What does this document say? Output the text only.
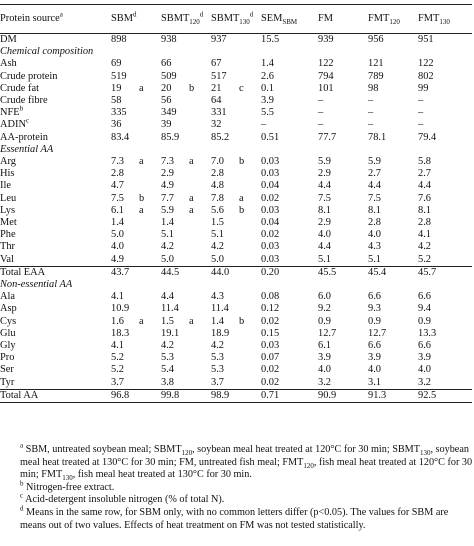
Protein source$^a$	SBM$^d$	$SBMT_{120}^d$	$SBMT_{130}^d$	$SEM_{SBM}$	FM	$FMT_{120}$	$FMT_{130}$
DM	898	938	937	15.5	939	956	951
Chemical composition							
Ash	69	66	67	1.4	122	121	122
Crude protein	519	509	517	2.6	794	789	802
Crude fat	19 a	20 b	21 c	0.1	101	98	99
Crude fibre	58	56	64	3.9	–	–	–
NFE$^b$	335	349	331	5.5	–	–	–
ADIN$^c$	36	39	32	–	–	–	–
AA-protein	83.4	85.9	85.2	0.51	77.7	78.1	79.4
Essential AA							
Arg	7.3 a	7.3 a	7.0 b	0.03	5.9	5.9	5.8
His	2.8	2.9	2.8	0.03	2.9	2.7	2.7
Ile	4.7	4.9	4.8	0.04	4.4	4.4	4.4
Leu	7.5 b	7.7 a	7.8 a	0.02	7.5	7.5	7.6
Lys	6.1 a	5.9 a	5.6 b	0.03	8.1	8.1	8.1
Met	1.4	1.4	1.5	0.04	2.9	2.8	2.8
Phe	5.0	5.1	5.1	0.02	4.0	4.0	4.1
Thr	4.0	4.2	4.2	0.03	4.4	4.3	4.2
Val	4.9	5.0	5.0	0.03	5.1	5.1	5.2
Total EAA	43.7	44.5	44.0	0.20	45.5	45.4	45.7
Non-essential AA							
Ala	4.1	4.4	4.3	0.08	6.0	6.6	6.6
Asp	10.9	11.4	11.4	0.12	9.2	9.3	9.4
Cys	1.6 a	1.5 a	1.4 b	0.02	0.9	0.9	0.9
Glu	18.3	19.1	18.9	0.15	12.7	12.7	13.3
Gly	4.1	4.2	4.2	0.03	6.1	6.6	6.6
Pro	5.2	5.3	5.3	0.07	3.9	3.9	3.9
Ser	5.2	5.4	5.3	0.02	4.0	4.0	4.0
Tyr	3.7	3.8	3.7	0.02	3.2	3.1	3.2
Total AA	96.8	99.8	98.9	0.71	90.9	91.3	92.5

$^a$ SBM, untreated soybean meal; $SBMT_{120}$, soybean meal heat treated at 120°C for 30 min; $SBMT_{130}$, soybean meal heat treated at 130°C for 30 min; FM, untreated fish meal; $FMT_{120}$, fish meal heat treated at 120°C for 30 min; $FMT_{130}$, fish meal heat treated at 130°C for 30 min.

$^b$ Nitrogen-free extract.

$^c$ Acid-detergent insoluble nitrogen (% of total N).

$^d$ Means in the same row, for SBM only, with no common letters differ (p<0.05). The values for SBM are means out of two values. Effects of heat treatment on FM was not tested statistically.
